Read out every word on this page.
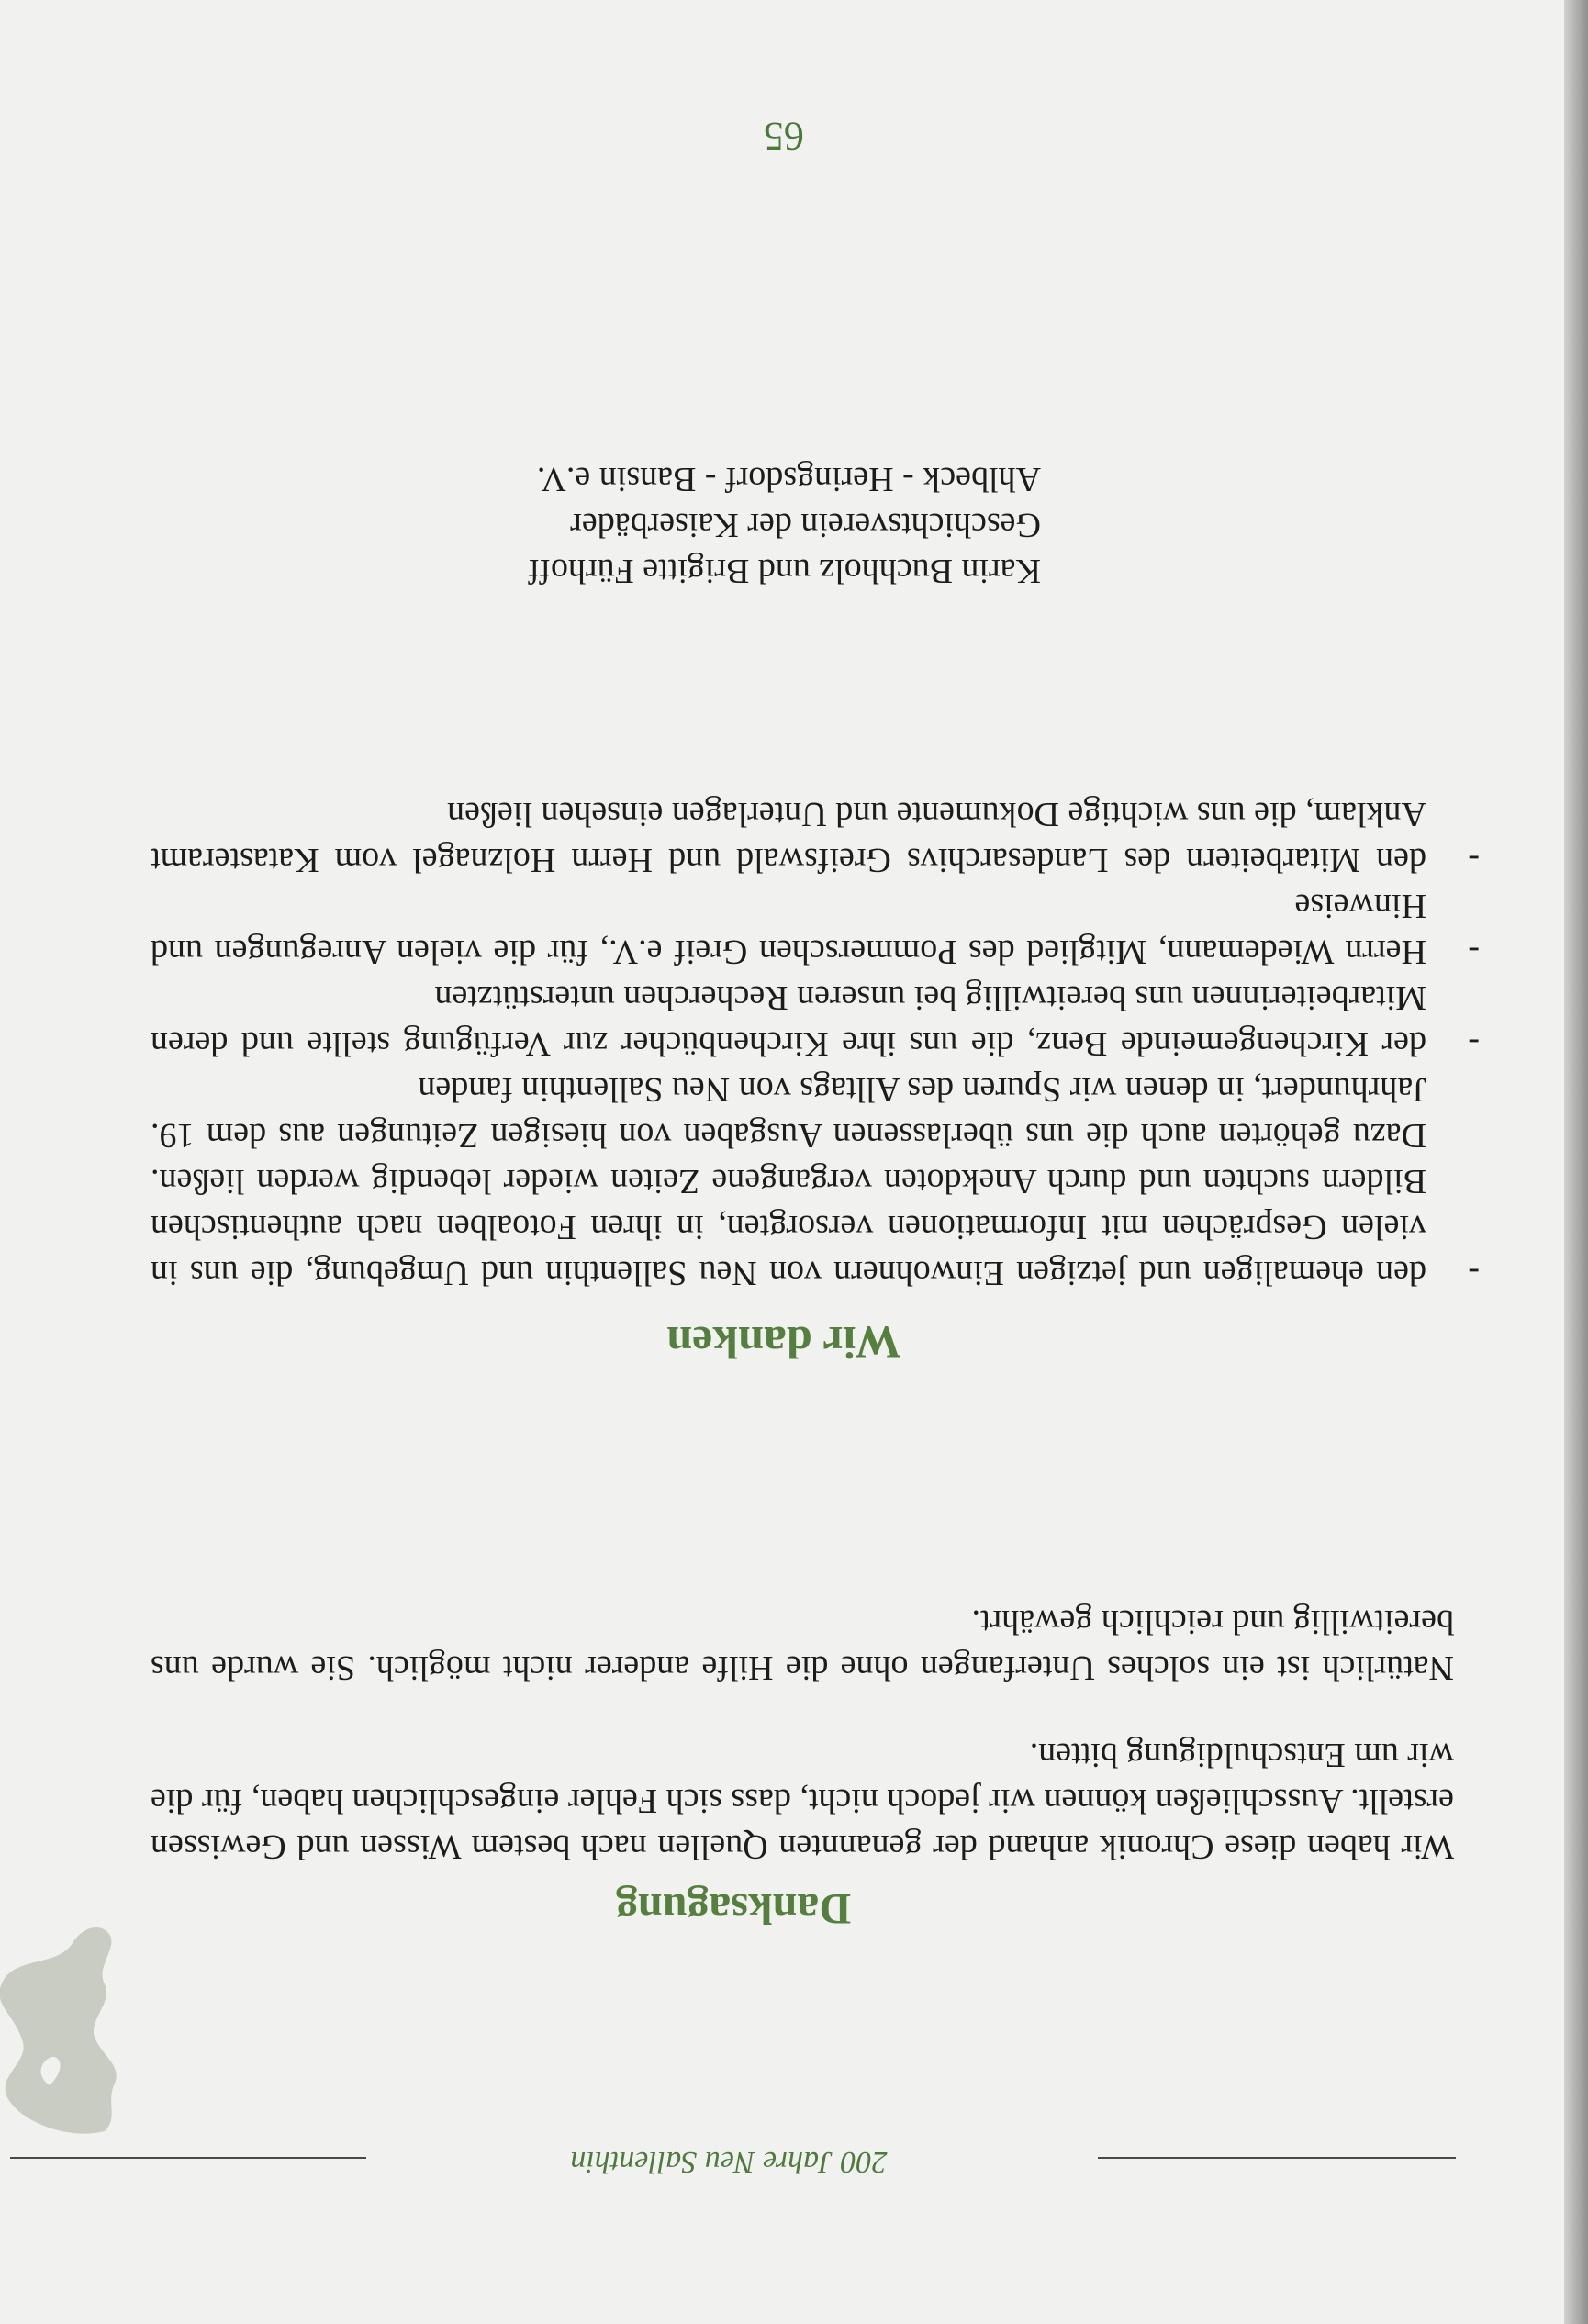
200 Jahre Neu Sallenthin
Danksagung
Wir haben diese Chronik anhand der genannten Quellen nach bestem Wissen und Gewissen erstellt. Ausschließen können wir jedoch nicht, dass sich Fehler eingeschlichen haben, für die wir um Entschuldigung bitten.
Natürlich ist ein solches Unterfangen ohne die Hilfe anderer nicht möglich. Sie wurde uns bereitwillig und reichlich gewährt.
Wir danken
-
den ehemaligen und jetzigen Einwohnern von Neu Sallenthin und Umgebung, die uns in vielen Gesprächen mit Informationen versorgten, in ihren Fotoalben nach authentischen Bildern suchten und durch Anekdoten vergangene Zeiten wieder lebendig werden ließen. Dazu gehörten auch die uns überlassenen Ausgaben von hiesigen Zeitungen aus dem 19. Jahrhundert, in denen wir Spuren des Alltags von Neu Sallenthin fanden
-
der Kirchengemeinde Benz, die uns ihre Kirchenbücher zur Verfügung stellte und deren Mitarbeiterinnen uns bereitwillig bei unseren Recherchen unterstützten
-
Herrn Wiedemann, Mitglied des Pommerschen Greif e.V., für die vielen Anregungen und Hinweise
-
den Mitarbeitern des Landesarchivs Greifswald und Herrn Holznagel vom Katasteramt Anklam, die uns wichtige Dokumente und Unterlagen einsehen ließen
Karin Buchholz und Brigitte Fürhoff
Geschichtsverein der Kaiserbäder
Ahlbeck - Heringsdorf - Bansin e.V.
65
